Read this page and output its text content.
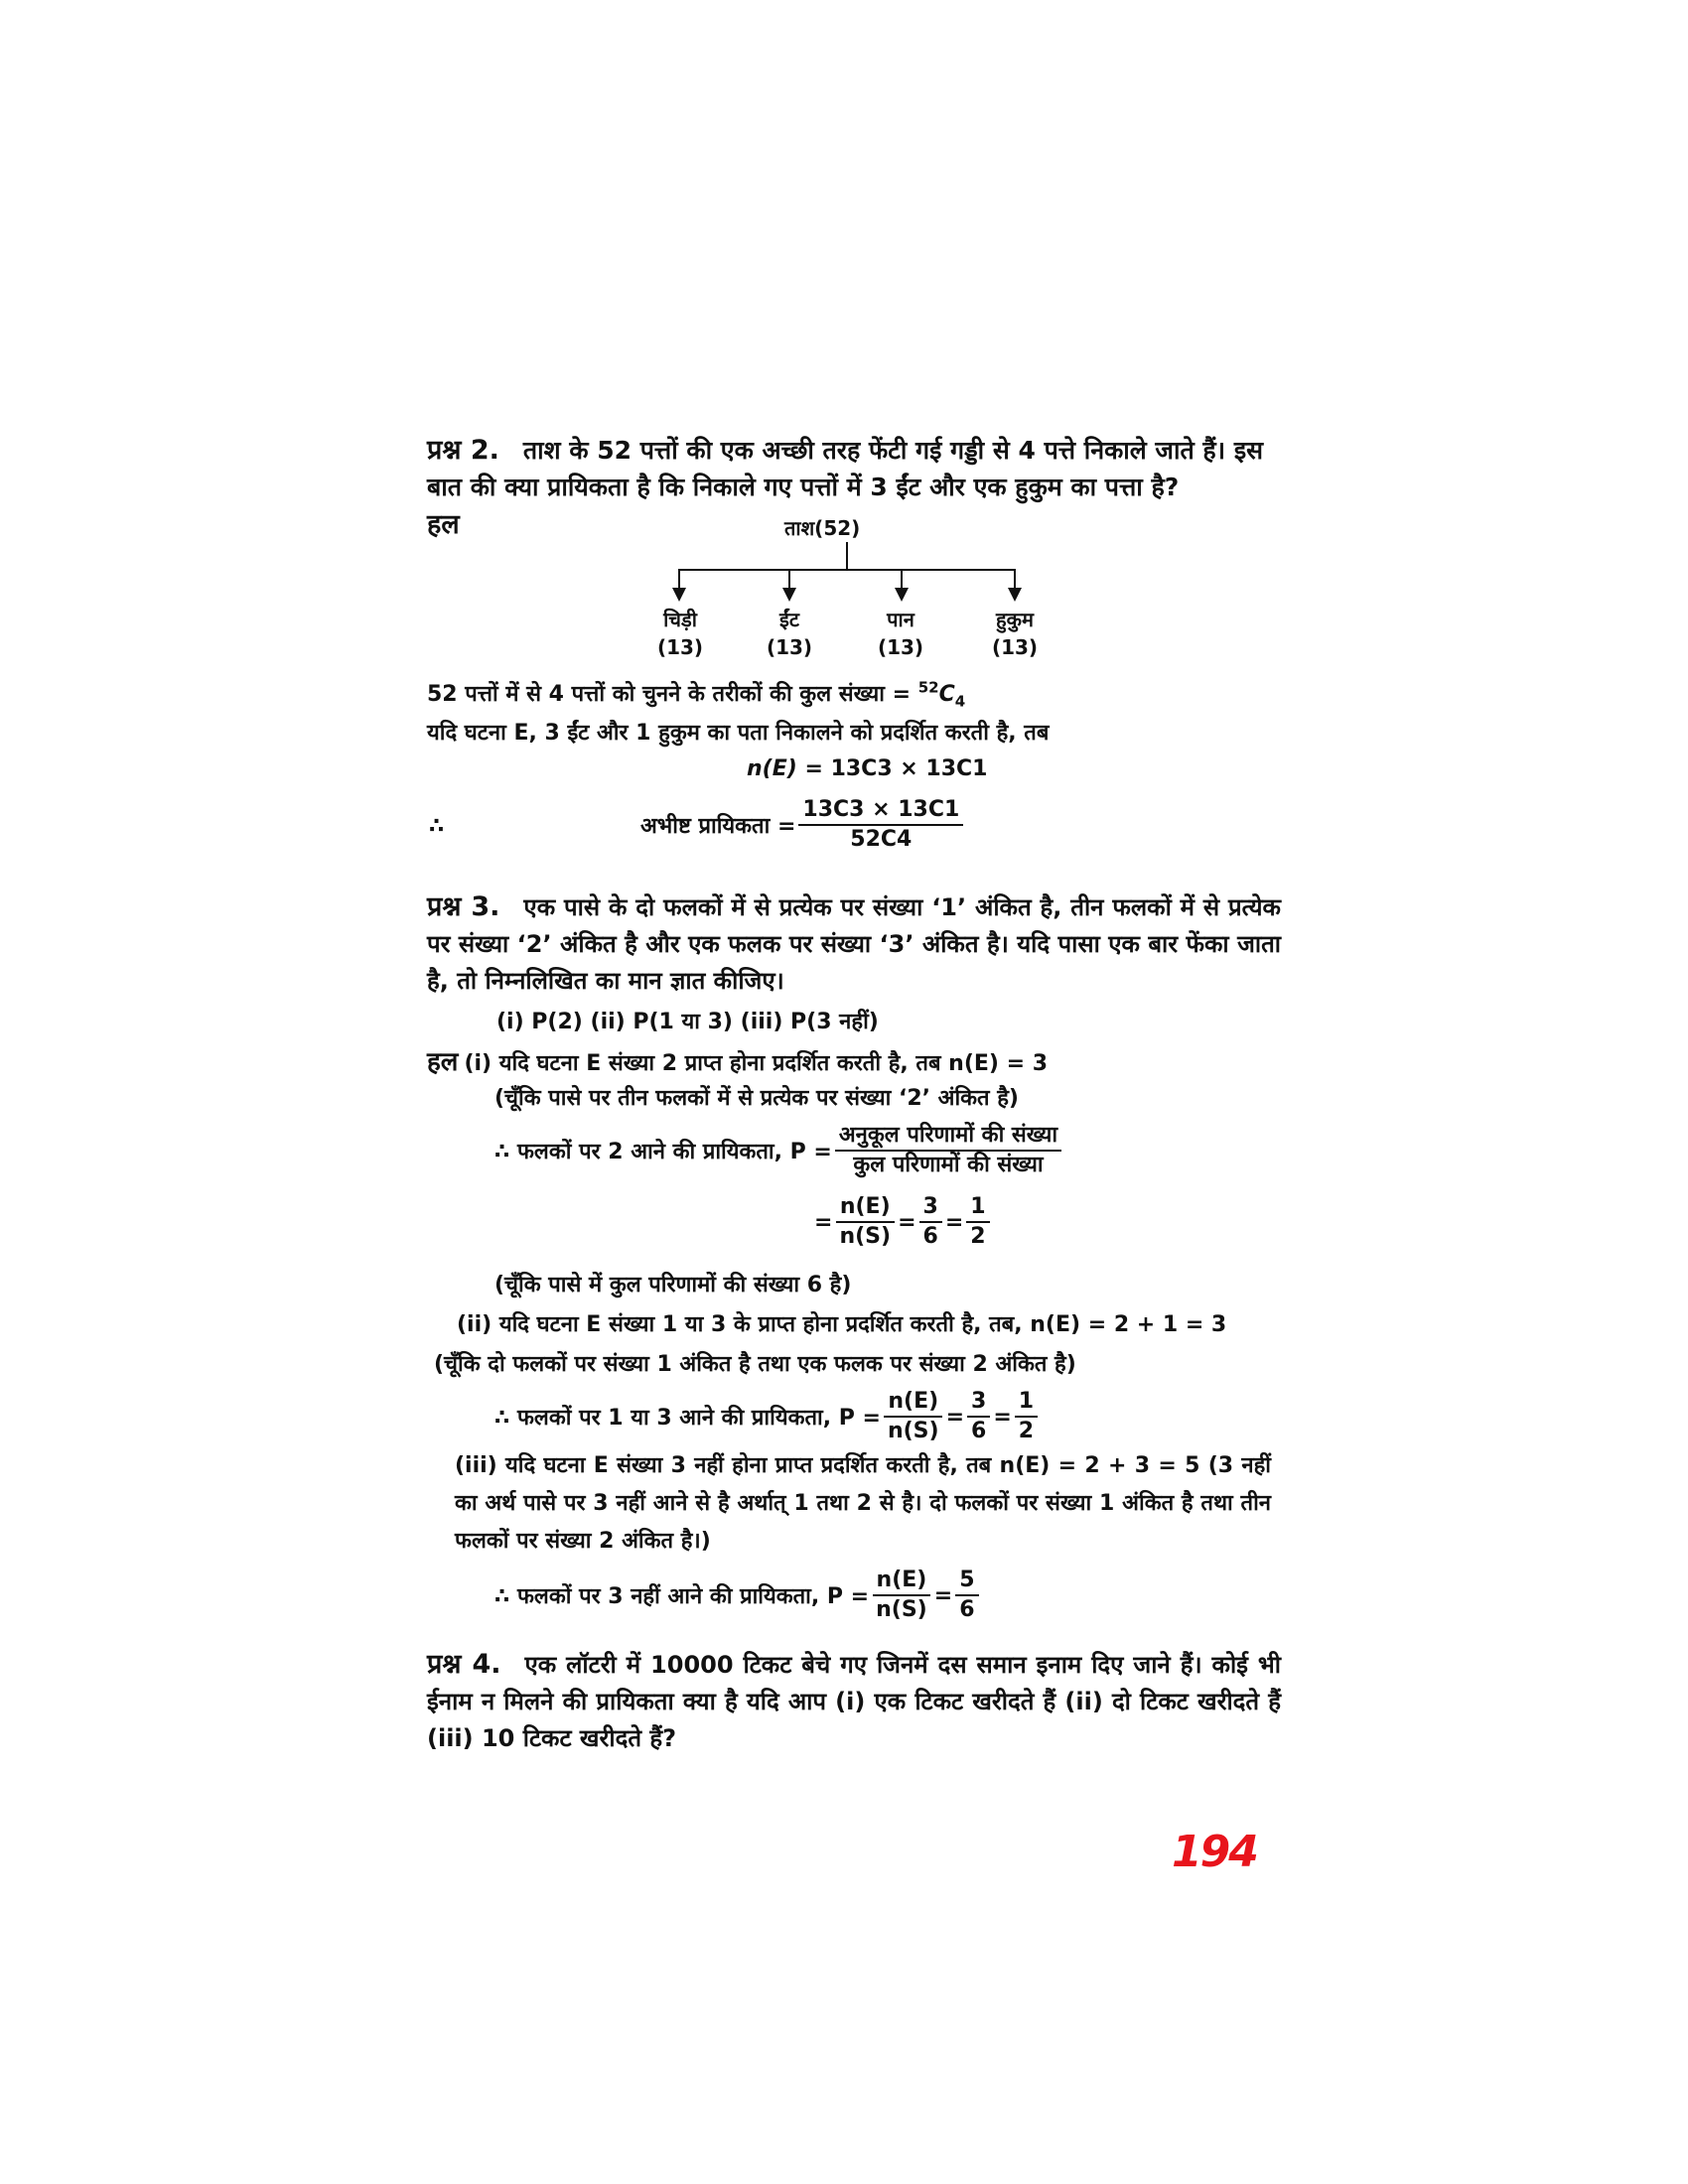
प्रश्न 2. ताश के 52 पत्तों की एक अच्छी तरह फेंटी गई गड्डी से 4 पत्ते निकाले जाते हैं। इस
बात की क्या प्रायिकता है कि निकाले गए पत्तों में 3 ईंट और एक हुकुम का पत्ता है?
हल	ताश(52)
चिड़ी
(13)
ईंट
(13)
पान
(13)
हुकुम
(13)
52 पत्तों में से 4 पत्तों को चुनने के तरीकों की कुल संख्या = $^{52}C_4$
यदि घटना E, 3 ईंट और 1 हुकुम का पता निकालने को प्रदर्शित करती है, तब
n(E) = 13C3 × 13C1
∴	अभीष्ट प्रायिकता = $\frac{13C3 \times 13C1}{52C4}$

प्रश्न 3. एक पासे के दो फलकों में से प्रत्येक पर संख्या ‘1’ अंकित है, तीन फलकों में से प्रत्येक पर संख्या ‘2’ अंकित है और एक फलक पर संख्या ‘3’ अंकित है। यदि पासा एक बार फेंका जाता है, तो निम्नलिखित का मान ज्ञात कीजिए।

(i) P(2) (ii) P(1 या 3) (iii) P(3 नहीं)
हल (i) यदि घटना E संख्या 2 प्राप्त होना प्रदर्शित करती है, तब n(E) = 3
(चूँकि पासे पर तीन फलकों में से प्रत्येक पर संख्या ‘2’ अंकित है)
∴ फलकों पर 2 आने की प्रायिकता, $P = \frac{\text{अनुकूल परिणामों की संख्या}}{\text{कुल परिणामों की संख्या}}$
= $\frac{n(E)}{n(S)} = \frac{3}{6} = \frac{1}{2}$
(चूँकि पासे में कुल परिणामों की संख्या 6 है)
(ii) यदि घटना E संख्या 1 या 3 के प्राप्त होना प्रदर्शित करती है, तब, n(E) = 2 + 1 = 3
(चूँकि दो फलकों पर संख्या 1 अंकित है तथा एक फलक पर संख्या 2 अंकित है)
∴ फलकों पर 1 या 3 आने की प्रायिकता, $P = \frac{n(E)}{n(S)} = \frac{3}{6} = \frac{1}{2}$

(iii) यदि घटना E संख्या 3 नहीं होना प्राप्त प्रदर्शित करती है, तब n(E) = 2 + 3 = 5 (3 नहीं का अर्थ पासे पर 3 नहीं आने से है अर्थात् 1 तथा 2 से है। दो फलकों पर संख्या 1 अंकित है तथा तीन फलकों पर संख्या 2 अंकित है।)

∴ फलकों पर 3 नहीं आने की प्रायिकता, $P = \frac{n(E)}{n(S)} = \frac{5}{6}$

प्रश्न 4. एक लॉटरी में 10000 टिकट बेचे गए जिनमें दस समान इनाम दिए जाने हैं। कोई भी ईनाम न मिलने की प्रायिकता क्या है यदि आप (i) एक टिकट खरीदते हैं (ii) दो टिकट खरीदते हैं (iii) 10 टिकट खरीदते हैं?

194
